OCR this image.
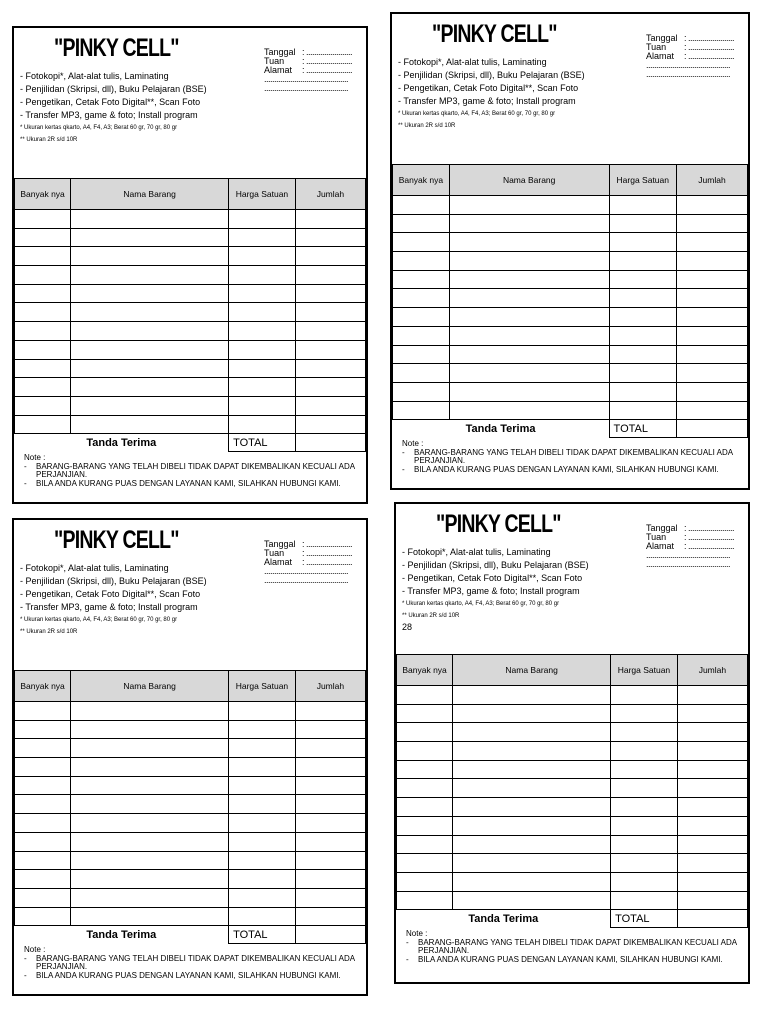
"PINKY CELL"	Tanggal : .......................
Tuan	: .......................
Alamat	: .......................
..........................................
..........................................
- Fotokopi*, Alat-alat tulis, Laminating
- Penjilidan (Skripsi, dll), Buku Pelajaran (BSE)
- Pengetikan, Cetak Foto Digital**, Scan Foto
- Transfer MP3, game & foto; Install program
* Ukuran kertas qkarto, A4, F4, A3; Berat 60 gr, 70 gr, 80 gr
** Ukuran 2R s/d 10R
Banyak nya	Nama Barang	Harga Satuan	Jumlah

Tanda Terima		TOTAL	
Note :
-	BARANG-BARANG YANG TELAH DIBELI TIDAK DAPAT DIKEMBALIKAN KECUALI ADA PERJANJIAN.
-	BILA ANDA KURANG PUAS DENGAN LAYANAN KAMI, SILAHKAN HUBUNGI KAMI.
"PINKY CELL"	Tanggal : .......................
Tuan	: .......................
Alamat	: .......................
..........................................
..........................................
- Fotokopi*, Alat-alat tulis, Laminating
- Penjilidan (Skripsi, dll), Buku Pelajaran (BSE)
- Pengetikan, Cetak Foto Digital**, Scan Foto
- Transfer MP3, game & foto; Install program
* Ukuran kertas qkarto, A4, F4, A3; Berat 60 gr, 70 gr, 80 gr
** Ukuran 2R s/d 10R
Banyak nya	Nama Barang	Harga Satuan	Jumlah

Tanda Terima		TOTAL	
Note :
-	BARANG-BARANG YANG TELAH DIBELI TIDAK DAPAT DIKEMBALIKAN KECUALI ADA PERJANJIAN.
-	BILA ANDA KURANG PUAS DENGAN LAYANAN KAMI, SILAHKAN HUBUNGI KAMI.
"PINKY CELL"	Tanggal : .......................
Tuan	: .......................
Alamat	: .......................
..........................................
..........................................
- Fotokopi*, Alat-alat tulis, Laminating
- Penjilidan (Skripsi, dll), Buku Pelajaran (BSE)
- Pengetikan, Cetak Foto Digital**, Scan Foto
- Transfer MP3, game & foto; Install program
* Ukuran kertas qkarto, A4, F4, A3; Berat 60 gr, 70 gr, 80 gr
** Ukuran 2R s/d 10R
Banyak nya	Nama Barang	Harga Satuan	Jumlah

Tanda Terima		TOTAL	
Note :
-	BARANG-BARANG YANG TELAH DIBELI TIDAK DAPAT DIKEMBALIKAN KECUALI ADA PERJANJIAN.
-	BILA ANDA KURANG PUAS DENGAN LAYANAN KAMI, SILAHKAN HUBUNGI KAMI.
"PINKY CELL"	Tanggal : .......................
Tuan	: .......................
Alamat	: .......................
..........................................
..........................................
- Fotokopi*, Alat-alat tulis, Laminating
- Penjilidan (Skripsi, dll), Buku Pelajaran (BSE)
- Pengetikan, Cetak Foto Digital**, Scan Foto
- Transfer MP3, game & foto; Install program
* Ukuran kertas qkarto, A4, F4, A3; Berat 60 gr, 70 gr, 80 gr
** Ukuran 2R s/d 10R
28
Banyak nya	Nama Barang	Harga Satuan	Jumlah

Tanda Terima		TOTAL	
Note :
-	BARANG-BARANG YANG TELAH DIBELI TIDAK DAPAT DIKEMBALIKAN KECUALI ADA PERJANJIAN.
-	BILA ANDA KURANG PUAS DENGAN LAYANAN KAMI, SILAHKAN HUBUNGI KAMI.
